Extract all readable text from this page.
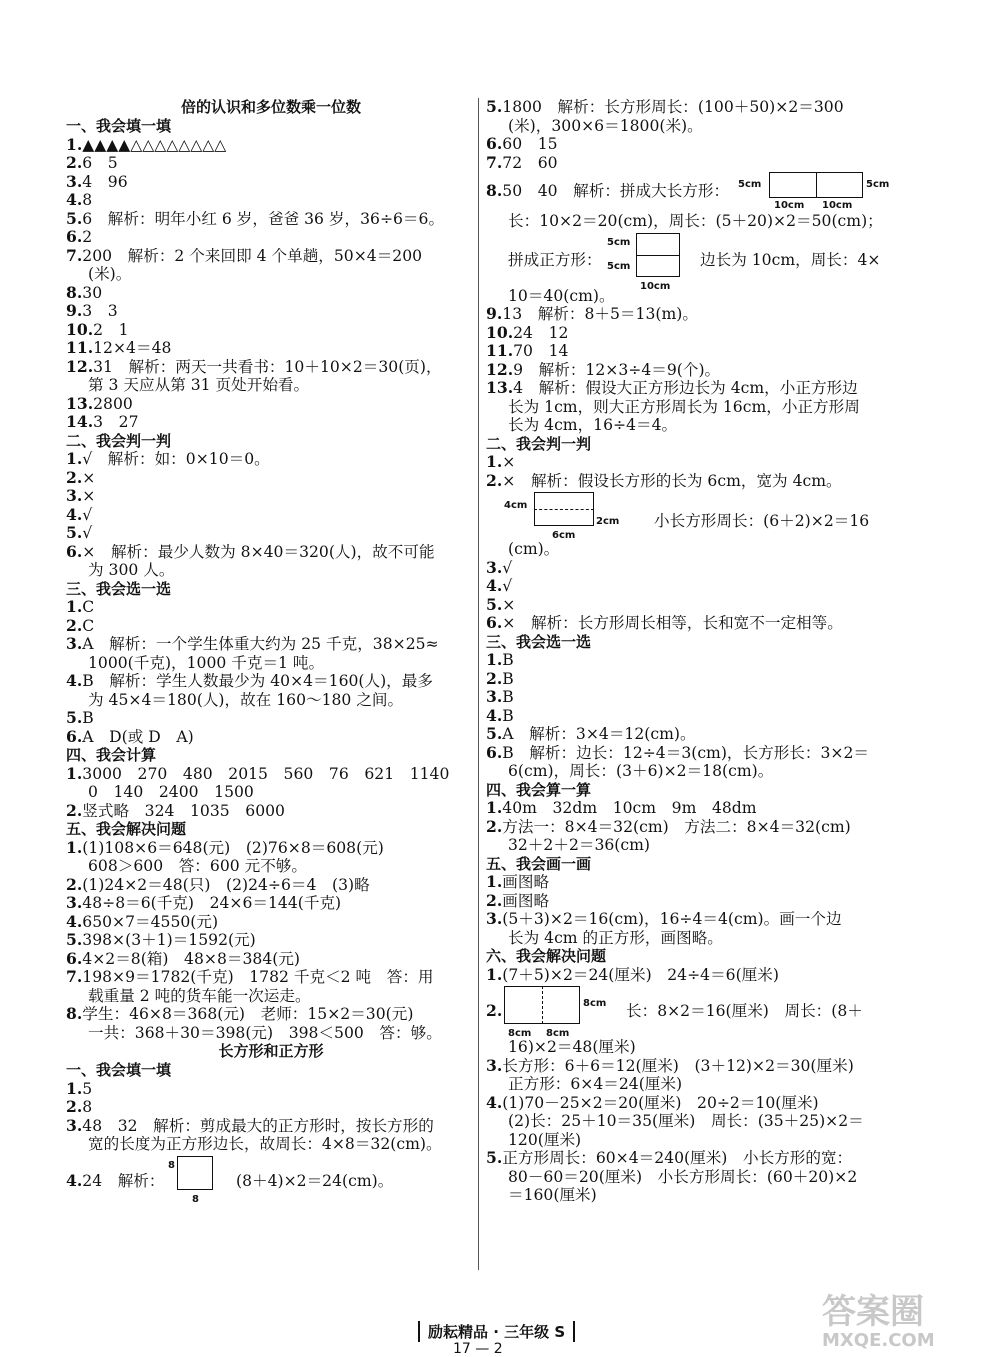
倍的认识和多位数乘一位数
一、我会填一填
1.▲▲▲▲△△△△△△△△
2.6　5
3.4　96
4.8
5.6　解析：明年小红 6 岁，爸爸 36 岁，36÷6＝6。
6.2
7.200　解析：2 个来回即 4 个单趟，50×4＝200
(米)。
8.30
9.3　3
10.2　1
11.12×4＝48
12.31　解析：两天一共看书：10＋10×2＝30(页)，
第 3 天应从第 31 页处开始看。
13.2800
14.3　27
二、我会判一判
1.√　解析：如：0×10＝0。
2.×
3.×
4.√
5.√
6.×　解析：最少人数为 8×40＝320(人)，故不可能
为 300 人。
三、我会选一选
1.C
2.C
3.A　解析：一个学生体重大约为 25 千克，38×25≈
1000(千克)，1000 千克＝1 吨。
4.B　解析：学生人数最少为 40×4＝160(人)，最多
为 45×4＝180(人)，故在 160～180 之间。
5.B
6.A　D(或 D　A)
四、我会计算
1.3000　270　480　2015　560　76　621　1140
0　140　2400　1500
2.竖式略　324　1035　6000
五、我会解决问题
1.(1)108×6＝648(元)　(2)76×8＝608(元)
608＞600　答：600 元不够。
2.(1)24×2＝48(只)　(2)24÷6＝4　(3)略
3.48÷8＝6(千克)　24×6＝144(千克)
4.650×7＝4550(元)
5.398×(3＋1)＝1592(元)
6.4×2＝8(箱)　48×8＝384(元)
7.198×9＝1782(千克)　1782 千克＜2 吨　答：用
载重量 2 吨的货车能一次运走。
8.学生：46×8＝368(元)　老师：15×2＝30(元)
一共：368＋30＝398(元)　398＜500　答：够。
长方形和正方形
一、我会填一填
1.5
2.8
3.48　32　解析：剪成最大的正方形时，按长方形的
宽的长度为正方形边长，故周长：4×8＝32(cm)。
4.24　解析：
8
8
(8＋4)×2＝24(cm)。
5.1800　解析：长方形周长：(100＋50)×2＝300
(米)，300×6＝1800(米)。
6.60　15
7.72　60
8.50　40　解析：拼成大长方形： 5cm	5cm
10cm 10cm
长：10×2＝20(cm)，周长：(5＋20)×2＝50(cm)；
拼成正方形：
5cm
5cm
10cm
边长为 10cm，周长：4×
10＝40(cm)。
9.13　解析：8＋5＝13(m)。
10.24　12
11.70　14
12.9　解析：12×3÷4＝9(个)。
13.4　解析：假设大正方形边长为 4cm，小正方形边
长为 1cm，则大正方形周长为 16cm，小正方形周
长为 4cm，16÷4＝4。
二、我会判一判
1.×
2.×　解析：假设长方形的长为 6cm，宽为 4cm。
4cm
2cm
6cm
小长方形周长：(6＋2)×2＝16
(cm)。
3.√
4.√
5.×
6.×　解析：长方形周长相等，长和宽不一定相等。
三、我会选一选
1.B
2.B
3.B
4.B
5.A　解析：3×4＝12(cm)。
6.B　解析：边长：12÷4＝3(cm)，长方形长：3×2＝
6(cm)，周长：(3＋6)×2＝18(cm)。
四、我会算一算
1.40m　32dm　10cm　9m　48dm
2.方法一：8×4＝32(cm)　方法二：8×4＝32(cm)
32＋2＋2＝36(cm)
五、我会画一画
1.画图略
2.画图略
3.(5＋3)×2＝16(cm)，16÷4＝4(cm)。画一个边
长为 4cm 的正方形，画图略。
六、我会解决问题
1.(7＋5)×2＝24(厘米)　24÷4＝6(厘米)
2.	8cm
8cm 8cm
长：8×2＝16(厘米)　周长：(8＋
16)×2＝48(厘米)
3.长方形：6＋6＝12(厘米)　(3＋12)×2＝30(厘米)
正方形：6×4＝24(厘米)
4.(1)70－25×2＝20(厘米)　20÷2＝10(厘米)
(2)长：25＋10＝35(厘米)　周长：(35＋25)×2＝
120(厘米)
5.正方形周长：60×4＝240(厘米)　小长方形的宽：
80－60＝20(厘米)　小长方形周长：(60＋20)×2
＝160(厘米)
励耘精品 · 三年级 S
17 — 2
答案圈
MXQE.COM
